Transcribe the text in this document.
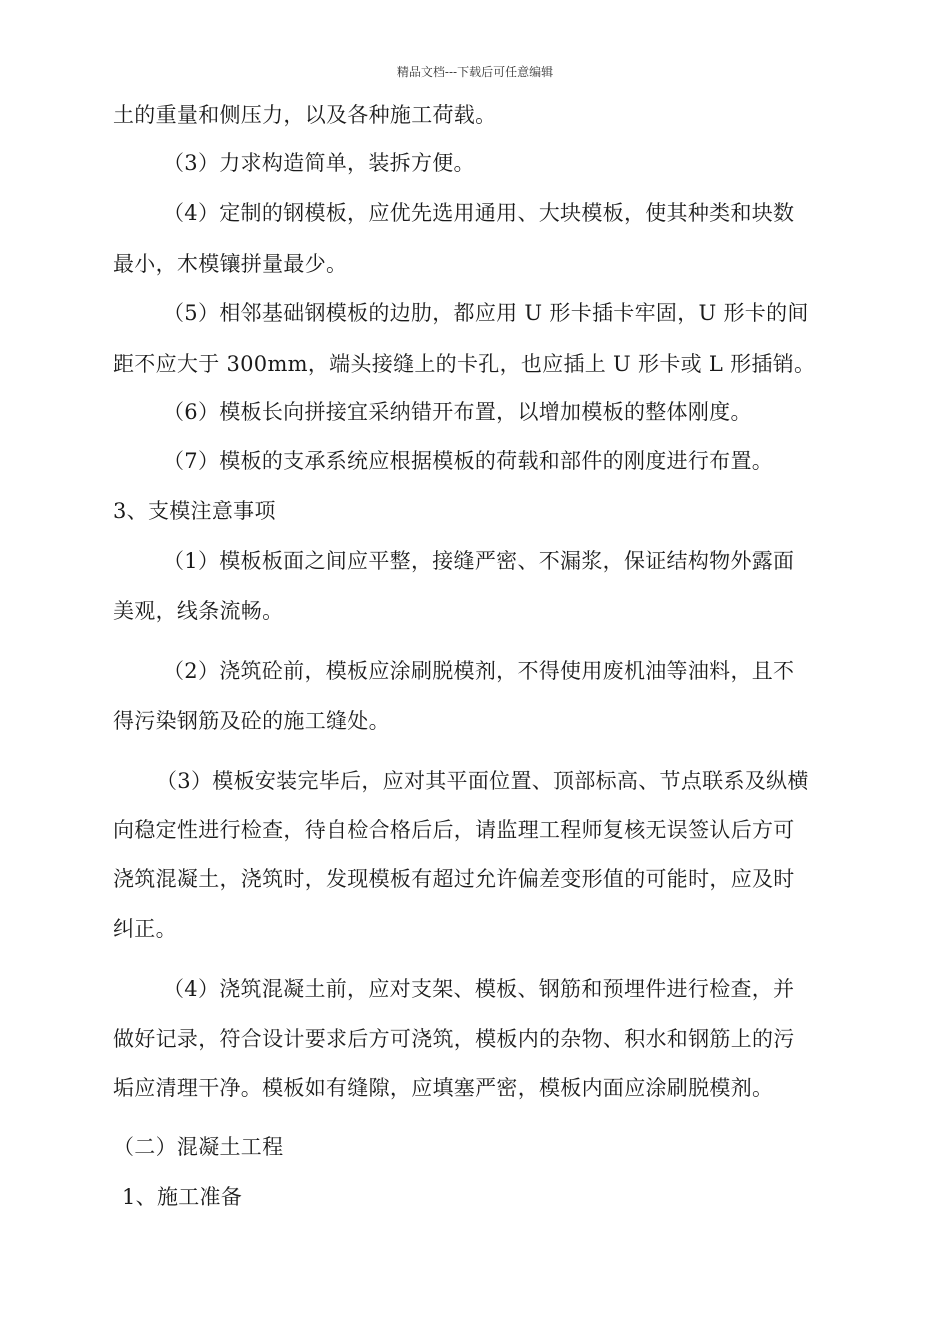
精品文档---下载后可任意编辑
土的重量和侧压力，以及各种施工荷载。
（3）力求构造简单，装拆方便。
（4）定制的钢模板，应优先选用通用、大块模板，使其种类和块数
最小，木模镶拼量最少。
（5）相邻基础钢模板的边肋，都应用 U 形卡插卡牢固，U 形卡的间
距不应大于 300mm，端头接缝上的卡孔，也应插上 U 形卡或 L 形插销。
（6）模板长向拼接宜采纳错开布置，以增加模板的整体刚度。
（7）模板的支承系统应根据模板的荷载和部件的刚度进行布置。
3、支模注意事项
（1）模板板面之间应平整，接缝严密、不漏浆，保证结构物外露面
美观，线条流畅。
（2）浇筑砼前，模板应涂刷脱模剂，不得使用废机油等油料，且不
得污染钢筋及砼的施工缝处。
（3）模板安装完毕后，应对其平面位置、顶部标高、节点联系及纵横
向稳定性进行检查，待自检合格后后，请监理工程师复核无误签认后方可
浇筑混凝土，浇筑时，发现模板有超过允许偏差变形值的可能时，应及时
纠正。
（4）浇筑混凝土前，应对支架、模板、钢筋和预埋件进行检查，并
做好记录，符合设计要求后方可浇筑，模板内的杂物、积水和钢筋上的污
垢应清理干净。模板如有缝隙，应填塞严密，模板内面应涂刷脱模剂。
（二）混凝土工程
1、施工准备
